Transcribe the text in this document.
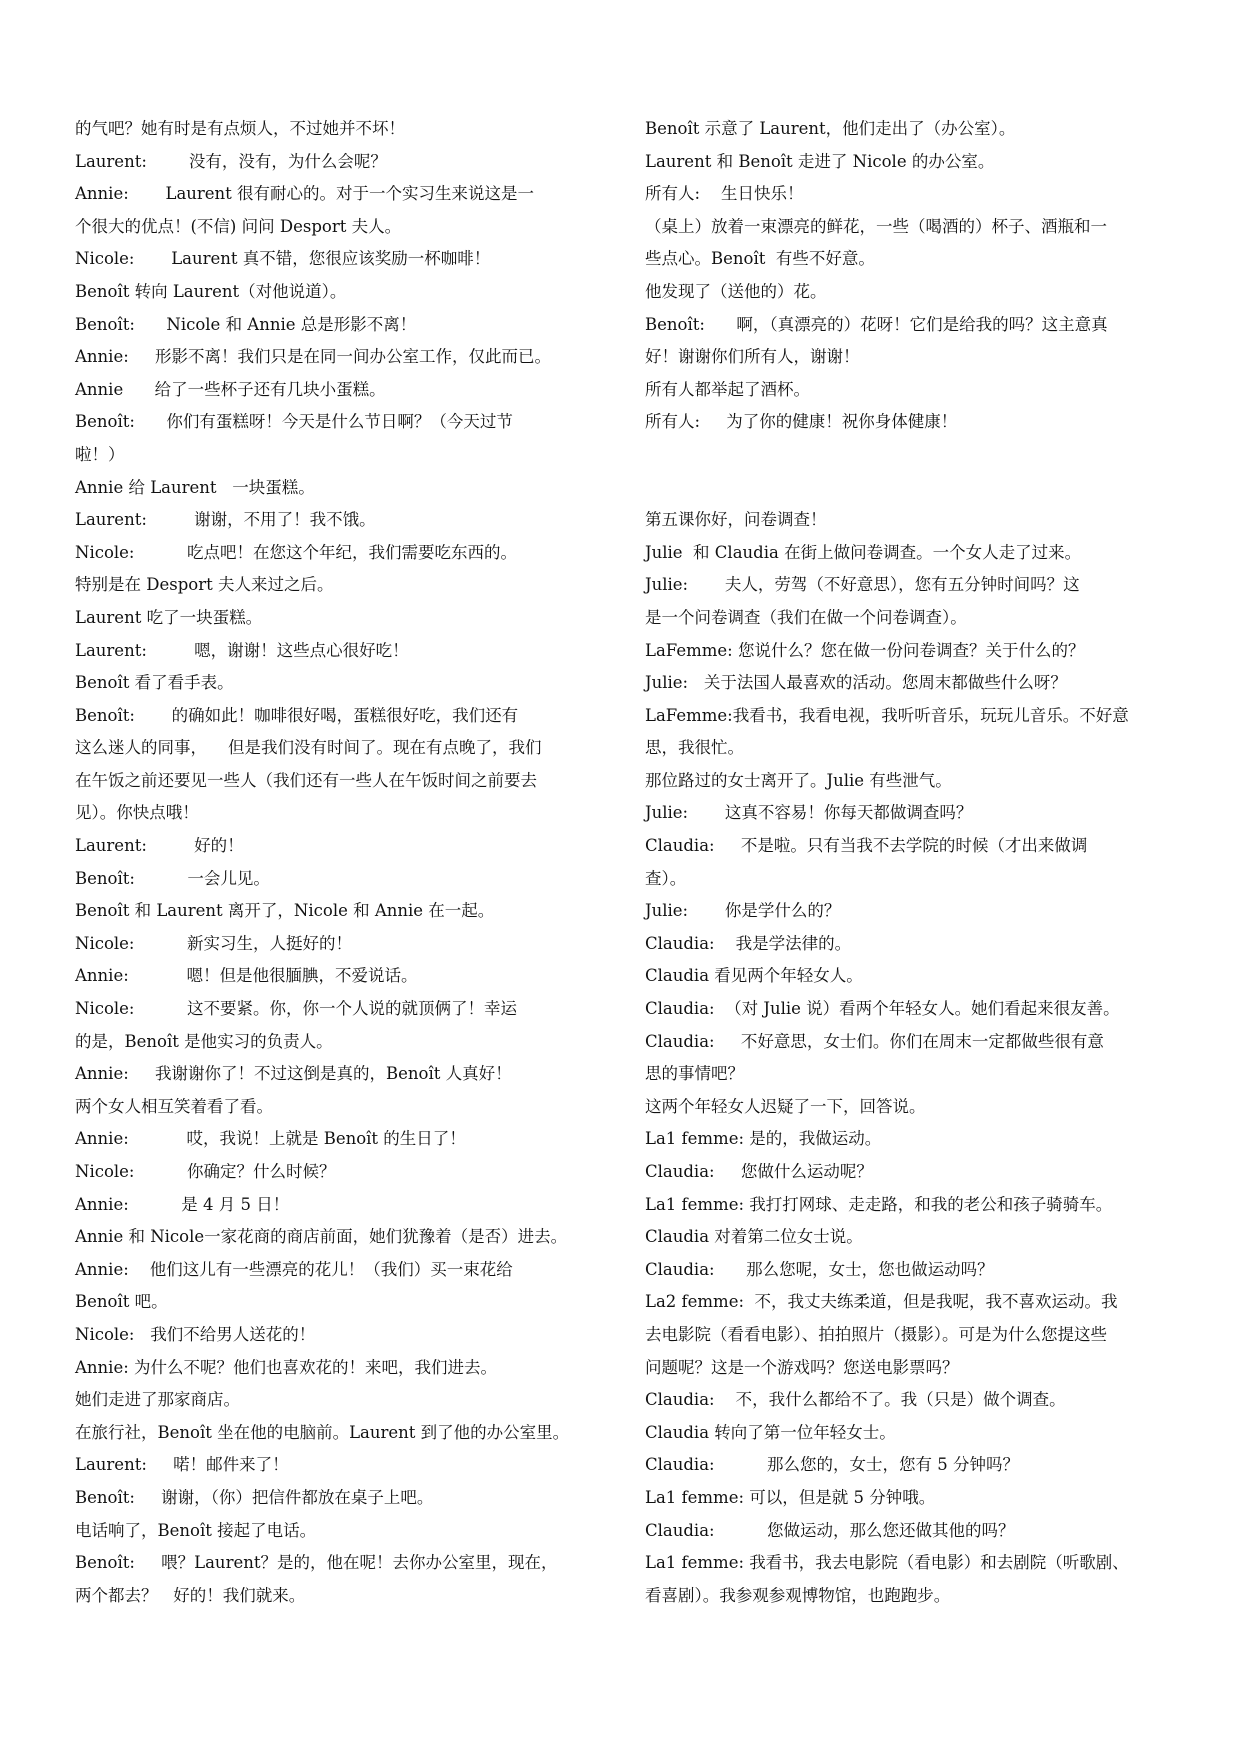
的气吧？她有时是有点烦人，不过她并不坏！
Laurent:        没有，没有，为什么会呢？
Annie:       Laurent 很有耐心的。对于一个实习生来说这是一
个很大的优点！(不信) 问问 Desport 夫人。
Nicole:       Laurent 真不错，您很应该奖励一杯咖啡！
Benoît 转向 Laurent（对他说道）。
Benoît:      Nicole 和 Annie 总是形影不离！
Annie:     形影不离！我们只是在同一间办公室工作，仅此而已。
Annie      给了一些杯子还有几块小蛋糕。
Benoît:      你们有蛋糕呀！今天是什么节日啊？（今天过节
啦！）
Annie 给 Laurent   一块蛋糕。
Laurent:         谢谢，不用了！我不饿。
Nicole:          吃点吧！在您这个年纪，我们需要吃东西的。
特别是在 Desport 夫人来过之后。
Laurent 吃了一块蛋糕。
Laurent:         嗯，谢谢！这些点心很好吃！
Benoît 看了看手表。
Benoît:       的确如此！咖啡很好喝，蛋糕很好吃，我们还有
这么迷人的同事，    但是我们没有时间了。现在有点晚了，我们
在午饭之前还要见一些人（我们还有一些人在午饭时间之前要去
见）。你快点哦！
Laurent:         好的！
Benoît:          一会儿见。
Benoît 和 Laurent 离开了，Nicole 和 Annie 在一起。
Nicole:          新实习生，人挺好的！
Annie:           嗯！但是他很腼腆，不爱说话。
Nicole:          这不要紧。你，你一个人说的就顶俩了！幸运
的是，Benoît 是他实习的负责人。
Annie:     我谢谢你了！不过这倒是真的，Benoît 人真好！
两个女人相互笑着看了看。
Annie:           哎，我说！上就是 Benoît 的生日了！
Nicole:          你确定？什么时候？
Annie:          是 4 月 5 日！
Annie 和 Nicole一家花商的商店前面，她们犹豫着（是否）进去。
Annie:    他们这儿有一些漂亮的花儿！（我们）买一束花给
Benoît 吧。
Nicole:   我们不给男人送花的！
Annie: 为什么不呢？他们也喜欢花的！来吧，我们进去。
她们走进了那家商店。
在旅行社，Benoît 坐在他的电脑前。Laurent 到了他的办公室里。
Laurent:     喏！邮件来了！
Benoît:     谢谢，（你）把信件都放在桌子上吧。
电话响了，Benoît 接起了电话。
Benoît:     喂？Laurent？是的，他在呢！去你办公室里，现在，
两个都去？   好的！我们就来。
Benoît 示意了 Laurent，他们走出了（办公室）。
Laurent 和 Benoît 走进了 Nicole 的办公室。
所有人:    生日快乐！
（桌上）放着一束漂亮的鲜花，一些（喝酒的）杯子、酒瓶和一
些点心。Benoît  有些不好意。
他发现了（送他的）花。
Benoît:      啊，（真漂亮的）花呀！它们是给我的吗？这主意真
好！谢谢你们所有人，谢谢！
所有人都举起了酒杯。
所有人:     为了你的健康！祝你身体健康！
第五课你好，问卷调查！
Julie  和 Claudia 在街上做问卷调查。一个女人走了过来。
Julie:       夫人，劳驾（不好意思），您有五分钟时间吗？这
是一个问卷调查（我们在做一个问卷调查）。
LaFemme: 您说什么？您在做一份问卷调查？关于什么的？
Julie:   关于法国人最喜欢的活动。您周末都做些什么呀？
LaFemme:我看书，我看电视，我听听音乐，玩玩儿音乐。不好意
思，我很忙。
那位路过的女士离开了。Julie 有些泄气。
Julie:       这真不容易！你每天都做调查吗？
Claudia:     不是啦。只有当我不去学院的时候（才出来做调
查）。
Julie:       你是学什么的？
Claudia:    我是学法律的。
Claudia 看见两个年轻女人。
Claudia:  （对 Julie 说）看两个年轻女人。她们看起来很友善。
Claudia:     不好意思，女士们。你们在周末一定都做些很有意
思的事情吧？
这两个年轻女人迟疑了一下，回答说。
La1 femme: 是的，我做运动。
Claudia:     您做什么运动呢？
La1 femme: 我打打网球、走走路，和我的老公和孩子骑骑车。
Claudia 对着第二位女士说。
Claudia:      那么您呢，女士，您也做运动吗？
La2 femme:  不，我丈夫练柔道，但是我呢，我不喜欢运动。我
去电影院（看看电影）、拍拍照片（摄影）。可是为什么您提这些
问题呢？这是一个游戏吗？您送电影票吗？
Claudia:    不，我什么都给不了。我（只是）做个调查。
Claudia 转向了第一位年轻女士。
Claudia:          那么您的，女士，您有 5 分钟吗？
La1 femme: 可以，但是就 5 分钟哦。
Claudia:          您做运动，那么您还做其他的吗？
La1 femme: 我看书，我去电影院（看电影）和去剧院（听歌剧、
看喜剧）。我参观参观博物馆，也跑跑步。
